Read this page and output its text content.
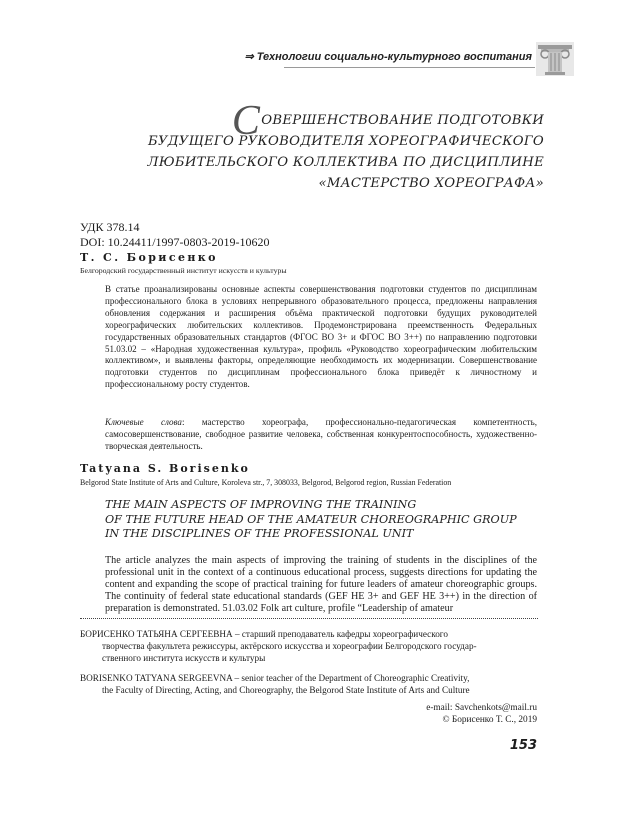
⇒ Технологии социально-культурного воспитания
СОВЕРШЕНСТВОВАНИЕ ПОДГОТОВКИ
БУДУЩЕГО РУКОВОДИТЕЛЯ ХОРЕОГРАФИЧЕСКОГО
ЛЮБИТЕЛЬСКОГО КОЛЛЕКТИВА ПО ДИСЦИПЛИНЕ
«МАСТЕРСТВО ХОРЕОГРАФА»
УДК 378.14
DOI: 10.24411/1997-0803-2019-10620
Т. С. Борисенко
Белгородский государственный институт искусств и культуры

В статье проанализированы основные аспекты совершенствования подготовки студентов по дисциплинам профессионального блока в условиях непрерывного образовательного процесса, предложены направления обновления содержания и расширения объёма практической подготовки будущих руководителей хореографических любительских коллективов. Продемонстрирована преемственность Федеральных государственных образовательных стандартов (ФГОС ВО 3+ и ФГОС ВО 3++) по направлению подготовки 51.03.02 – «Народная художественная культура», профиль «Руководство хореографическим любительским коллективом», и выявлены факторы, определяющие необходимость их модернизации. Совершенствование подготовки студентов по дисциплинам профессионального блока приведёт к личностному и профессиональному росту студентов.

Ключевые слова: мастерство хореографа, профессионально-педагогическая компетентность, самосовершенствование, свободное развитие человека, собственная конкурентоспособность, художественно-творческая деятельность.
Tatyana S. Borisenko
Belgorod State Institute of Arts and Culture, Koroleva str., 7, 308033, Belgorod, Belgorod region, Russian Federation
THE MAIN ASPECTS OF IMPROVING THE TRAINING
OF THE FUTURE HEAD OF THE AMATEUR CHOREOGRAPHIC GROUP
IN THE DISCIPLINES OF THE PROFESSIONAL UNIT
The article analyzes the main aspects of improving the training of students in the disciplines of the professional unit in the context of a continuous educational process, suggests directions for updating the content and expanding the scope of practical training for future leaders of amateur choreographic groups. The continuity of federal state educational standards (GEF HE 3+ and GEF HE 3++) in the direction of preparation is demonstrated. 51.03.02 Folk art culture, profile “Leadership of amateur
БОРИСЕНКО ТАТЬЯНА СЕРГЕЕВНА – старший преподаватель кафедры хореографического
творчества факультета режиссуры, актёрского искусства и хореографии Белгородского государ-
ственного института искусств и культуры
BORISENKO TATYANA SERGEEVNA – senior teacher of the Department of Choreographic Creativity,
the Faculty of Directing, Acting, and Choreography, the Belgorod State Institute of Arts and Culture
e-mail: Savchenkots@mail.ru
© Борисенко Т. С., 2019
153
